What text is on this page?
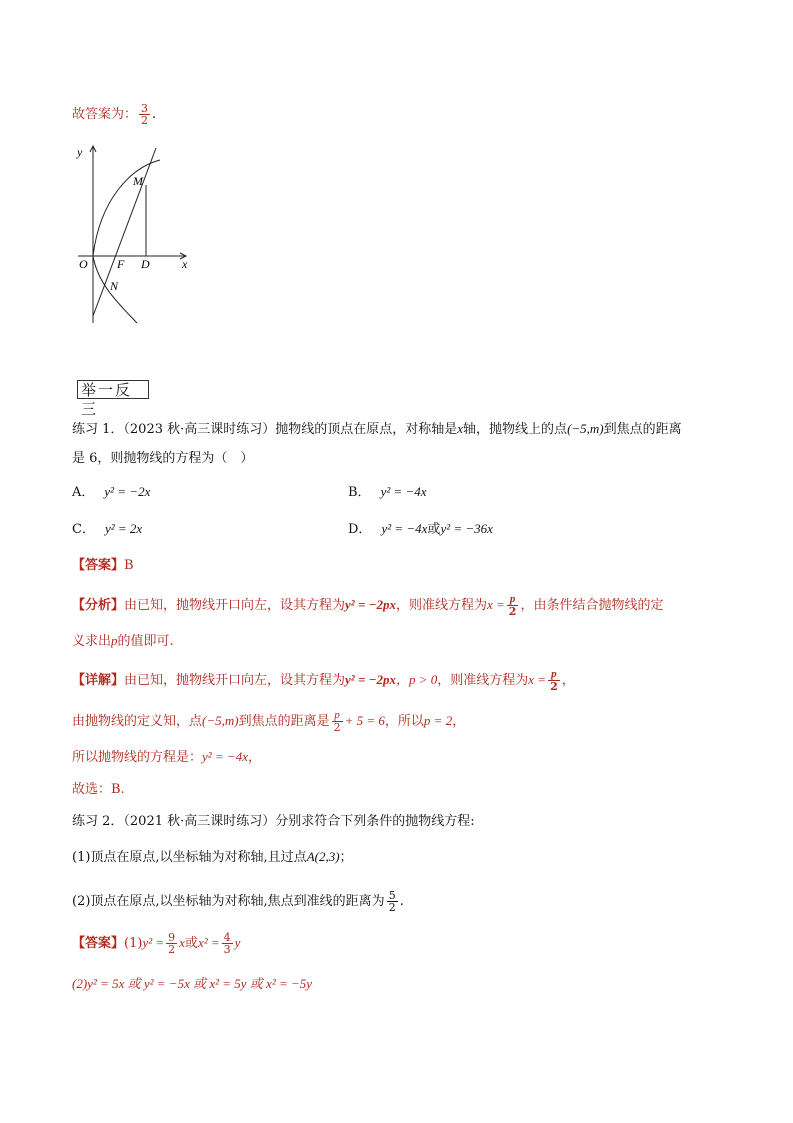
故答案为： $\frac{3}{2}$ .
y
x
O F D
M
N
举一反三
练习 1．（2023 秋·高三课时练习）抛物线的顶点在原点，对称轴是x轴，抛物线上的点(−5,m)到焦点的距离
是 6，则抛物线的方程为（　）
A． y² = −2x	B． y² = −4x
C． y² = 2x	D． y² = −4x或y² = −36x
【答案】B
【分析】由已知，抛物线开口向左，设其方程为y² = −2px，则准线方程为$x = \frac{p}{2}$ ，由条件结合抛物线的定
义求出p的值即可.
【详解】由已知，抛物线开口向左，设其方程为y² = −2px，p > 0，则准线方程为$x = \frac{p}{2}$ ，
由抛物线的定义知，点(−5,m)到焦点的距离是 $\frac{p}{2} + 5 = 6$，所以p = 2，
所以抛物线的方程是：y² = −4x，
故选：B.
练习 2．（2021 秋·高三课时练习）分别求符合下列条件的抛物线方程:
(1)顶点在原点,以坐标轴为对称轴,且过点A(2,3)；
(2)顶点在原点,以坐标轴为对称轴,焦点到准线的距离为 $\frac{5}{2}$ .
【答案】$(1)y^2 = \frac{9}{2}$ x或$x^2 = \frac{4}{3}$ y
(2)y² = 5x 或 y² = −5x 或 x² = 5y 或 x² = −5y
